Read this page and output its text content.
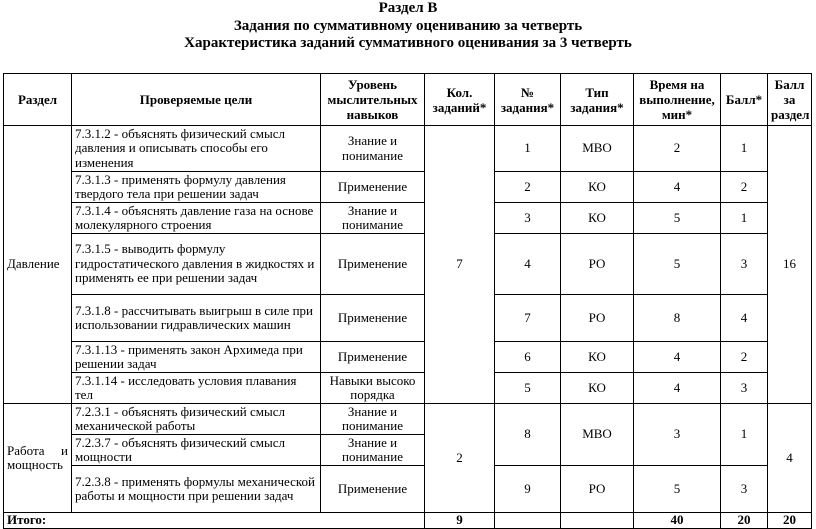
Раздел В
Задания по суммативному оцениванию за четверть
Характеристика заданий суммативного оценивания за 3 четверть
Раздел	Проверяемые цели	Уровень мыслительных навыков	Кол. заданий*	№ задания*	Тип задания*	Время на выполнение, мин*	Балл*	Балл за раздел
Давление	7.3.1.2 - объяснять физический смысл давления и описывать способы его изменения	Знание и понимание	7	1	МВО	2	1	16
	7.3.1.3 - применять формулу давления твердого тела при решении задач	Применение		2	КО	4	2	
	7.3.1.4 - объяснять давление газа на основе молекулярного строения	Знание и понимание		3	КО	5	1	
	7.3.1.5 - выводить формулу гидростатического давления в жидкостях и применять ее при решении задач	Применение		4	РО	5	3	
	7.3.1.8 - рассчитывать выигрыш в силе при использовании гидравлических машин	Применение		7	РО	8	4	
	7.3.1.13 - применять закон Архимеда при решении задач	Применение		6	КО	4	2	
	7.3.1.14 - исследовать условия плавания тел	Навыки высоко порядка		5	КО	4	3	
Работа и мощность	7.2.3.1 - объяснять физический смысл механической работы	Знание и понимание	2	8	МВО	3	1	4
	7.2.3.7 - объяснять физический смысл мощности	Знание и понимание						
	7.2.3.8 - применять формулы механической работы и мощности при решении задач	Применение		9	РО	5	3	
Итого:			9			40	20	20
